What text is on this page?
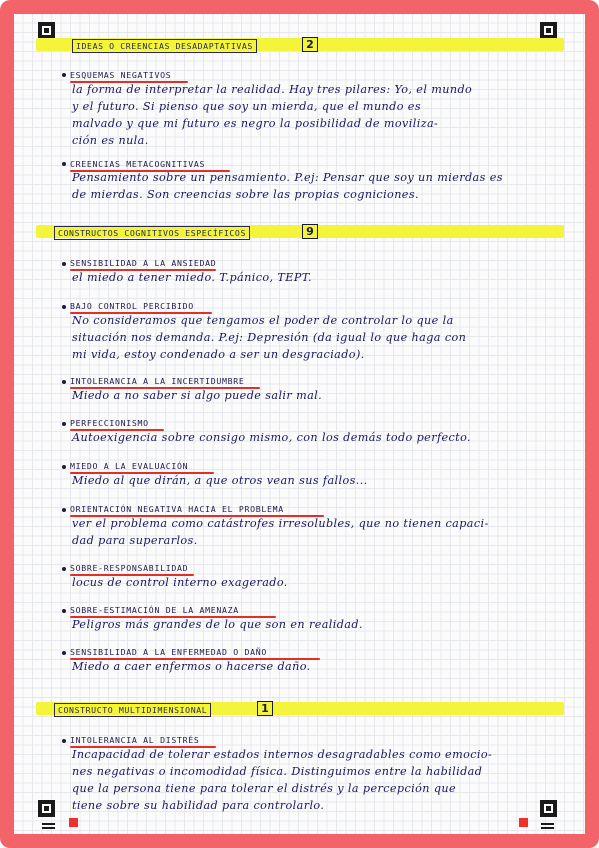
IDEAS O CREENCIAS DESADAPTATIVAS	2
ESQUEMAS NEGATIVOS
la forma de interpretar la realidad. Hay tres pilares: Yo, el mundo
y el futuro. Si pienso que soy un mierda, que el mundo es
malvado y que mi futuro es negro la posibilidad de moviliza-
ción es nula.
CREENCIAS METACOGNITIVAS
Pensamiento sobre un pensamiento. P.ej: Pensar que soy un mierdas es
de mierdas. Son creencias sobre las propias cogniciones.
CONSTRUCTOS COGNITIVOS ESPECÍFICOS	9
SENSIBILIDAD A LA ANSIEDAD
el miedo a tener miedo. T.pánico, TEPT.
BAJO CONTROL PERCIBIDO
No consideramos que tengamos el poder de controlar lo que la
situación nos demanda. P.ej: Depresión (da igual lo que haga con
mi vida, estoy condenado a ser un desgraciado).
INTOLERANCIA A LA INCERTIDUMBRE
Miedo a no saber si algo puede salir mal.
PERFECCIONISMO
Autoexigencia sobre consigo mismo, con los demás todo perfecto.
MIEDO A LA EVALUACIÓN
Miedo al que dirán, a que otros vean sus fallos...
ORIENTACIÓN NEGATIVA HACIA EL PROBLEMA
ver el problema como catástrofes irresolubles, que no tienen capaci-
dad para superarlos.
SOBRE-RESPONSABILIDAD
locus de control interno exagerado.
SOBRE-ESTIMACIÓN DE LA AMENAZA
Peligros más grandes de lo que son en realidad.
SENSIBILIDAD A LA ENFERMEDAD O DAÑO
Miedo a caer enfermos o hacerse daño.
CONSTRUCTO MULTIDIMENSIONAL	1
INTOLERANCIA AL DISTRÉS
Incapacidad de tolerar estados internos desagradables como emocio-
nes negativas o incomodidad física. Distinguimos entre la habilidad
que la persona tiene para tolerar el distrés y la percepción que
tiene sobre su habilidad para controlarlo.
